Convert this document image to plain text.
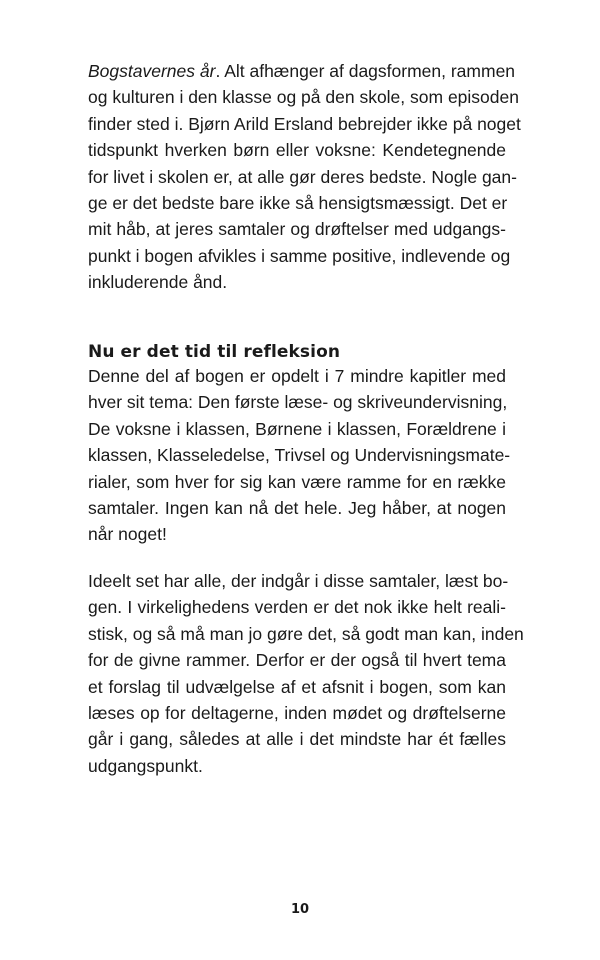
Bogstavernes år. Alt afhænger af dagsformen, rammen
og kulturen i den klasse og på den skole, som episoden
finder sted i. Bjørn Arild Ersland bebrejder ikke på noget
tidspunkt hverken børn eller voksne: Kendetegnende
for livet i skolen er, at alle gør deres bedste. Nogle gan-
ge er det bedste bare ikke så hensigtsmæssigt. Det er
mit håb, at jeres samtaler og drøftelser med udgangs-
punkt i bogen afvikles i samme positive, indlevende og
inkluderende ånd.

Nu er det tid til refleksion

Denne del af bogen er opdelt i 7 mindre kapitler med
hver sit tema: Den første læse- og skriveundervisning,
De voksne i klassen, Børnene i klassen, Forældrene i
klassen, Klasseledelse, Trivsel og Undervisningsmate-
rialer, som hver for sig kan være ramme for en række
samtaler. Ingen kan nå det hele. Jeg håber, at nogen
når noget!

Ideelt set har alle, der indgår i disse samtaler, læst bo-
gen. I virkelighedens verden er det nok ikke helt reali-
stisk, og så må man jo gøre det, så godt man kan, inden
for de givne rammer. Derfor er der også til hvert tema
et forslag til udvælgelse af et afsnit i bogen, som kan
læses op for deltagerne, inden mødet og drøftelserne
går i gang, således at alle i det mindste har ét fælles
udgangspunkt.

10
